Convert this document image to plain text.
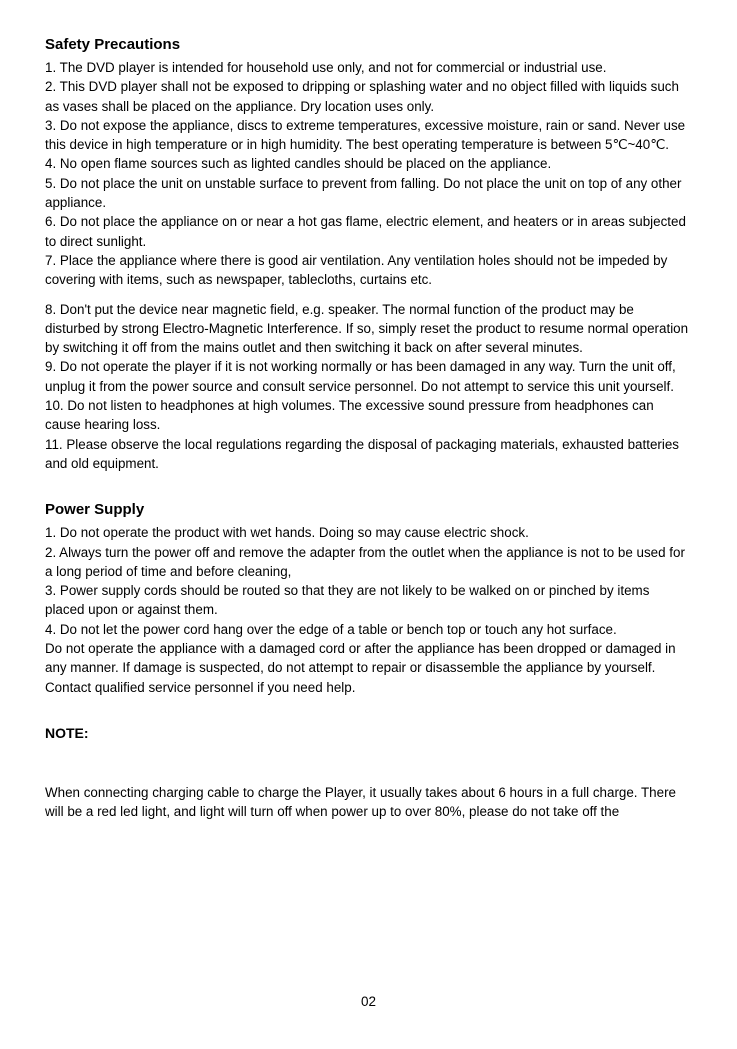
Safety Precautions

1. The DVD player is intended for household use only, and not for commercial or industrial use.

2. This DVD player shall not be exposed to dripping or splashing water and no object filled with liquids such as vases shall be placed on the appliance. Dry location uses only.

3. Do not expose the appliance, discs to extreme temperatures, excessive moisture, rain or sand. Never use this device in high temperature or in high humidity. The best operating temperature is between 5℃~40℃.

4. No open flame sources such as lighted candles should be placed on the appliance.

5. Do not place the unit on unstable surface to prevent from falling. Do not place the unit on top of any other appliance.

6. Do not place the appliance on or near a hot gas flame, electric element, and heaters or in areas subjected to direct sunlight.

7. Place the appliance where there is good air ventilation. Any ventilation holes should not be impeded by covering with items, such as newspaper, tablecloths, curtains etc.

8. Don't put the device near magnetic field, e.g. speaker. The normal function of the product may be disturbed by strong Electro-Magnetic Interference. If so, simply reset the product to resume normal operation by switching it off from the mains outlet and then switching it back on after several minutes.

9. Do not operate the player if it is not working normally or has been damaged in any way. Turn the unit off, unplug it from the power source and consult service personnel. Do not attempt to service this unit yourself.

10. Do not listen to headphones at high volumes. The excessive sound pressure from headphones can cause hearing loss.

11. Please observe the local regulations regarding the disposal of packaging materials, exhausted batteries and old equipment.

Power Supply

1. Do not operate the product with wet hands. Doing so may cause electric shock.

2. Always turn the power off and remove the adapter from the outlet when the appliance is not to be used for a long period of time and before cleaning,

3. Power supply cords should be routed so that they are not likely to be walked on or pinched by items placed upon or against them.

4. Do not let the power cord hang over the edge of a table or bench top or touch any hot surface.

Do not operate the appliance with a damaged cord or after the appliance has been dropped or damaged in any manner. If damage is suspected, do not attempt to repair or disassemble the appliance by yourself. Contact qualified service personnel if you need help.

NOTE:

When connecting charging cable to charge the Player, it usually takes about 6 hours in a full charge. There will be a red led light, and light will turn off when power up to over 80%, please do not take off the

02
